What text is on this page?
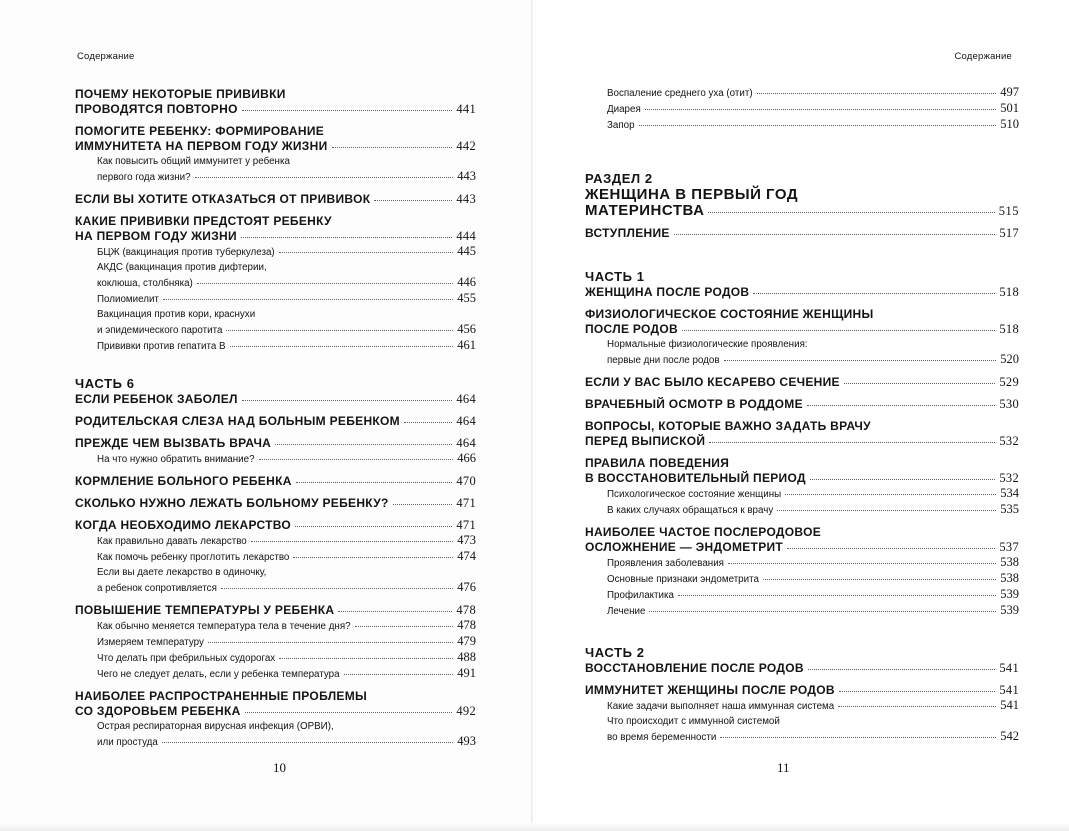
Содержание
ПОЧЕМУ НЕКОТОРЫЕ ПРИВИВКИ
ПРОВОДЯТСЯ ПОВТОРНО	441
ПОМОГИТЕ РЕБЕНКУ: ФОРМИРОВАНИЕ
ИММУНИТЕТА НА ПЕРВОМ ГОДУ ЖИЗНИ	442
Как повысить общий иммунитет у ребенка
первого года жизни?	443
ЕСЛИ ВЫ ХОТИТЕ ОТКАЗАТЬСЯ ОТ ПРИВИВОК	443
КАКИЕ ПРИВИВКИ ПРЕДСТОЯТ РЕБЕНКУ
НА ПЕРВОМ ГОДУ ЖИЗНИ	444
БЦЖ (вакцинация против туберкулеза)	445
АКДС (вакцинация против дифтерии,
коклюша, столбняка)	446
Полиомиелит	455
Вакцинация против кори, краснухи
и эпидемического паротита	456
Прививки против гепатита В	461
ЧАСТЬ 6
ЕСЛИ РЕБЕНОК ЗАБОЛЕЛ	464
РОДИТЕЛЬСКАЯ СЛЕЗА НАД БОЛЬНЫМ РЕБЕНКОМ	464
ПРЕЖДЕ ЧЕМ ВЫЗВАТЬ ВРАЧА	464
На что нужно обратить внимание?	466
КОРМЛЕНИЕ БОЛЬНОГО РЕБЕНКА	470
СКОЛЬКО НУЖНО ЛЕЖАТЬ БОЛЬНОМУ РЕБЕНКУ?	471
КОГДА НЕОБХОДИМО ЛЕКАРСТВО	471
Как правильно давать лекарство	473
Как помочь ребенку проглотить лекарство	474
Если вы даете лекарство в одиночку,
а ребенок сопротивляется	476
ПОВЫШЕНИЕ ТЕМПЕРАТУРЫ У РЕБЕНКА	478
Как обычно меняется температура тела в течение дня?	478
Измеряем температуру	479
Что делать при фебрильных судорогах	488
Чего не следует делать, если у ребенка температура	491
НАИБОЛЕЕ РАСПРОСТРАНЕННЫЕ ПРОБЛЕМЫ
СО ЗДОРОВЬЕМ РЕБЕНКА	492
Острая респираторная вирусная инфекция (ОРВИ),
или простуда	493
10
Содержание
Воспаление среднего уха (отит)	497
Диарея	501
Запор	510
РАЗДЕЛ 2
ЖЕНЩИНА В ПЕРВЫЙ ГОД
МАТЕРИНСТВА	515
ВСТУПЛЕНИЕ	517
ЧАСТЬ 1
ЖЕНЩИНА ПОСЛЕ РОДОВ	518
ФИЗИОЛОГИЧЕСКОЕ СОСТОЯНИЕ ЖЕНЩИНЫ
ПОСЛЕ РОДОВ	518
Нормальные физиологические проявления:
первые дни после родов	520
ЕСЛИ У ВАС БЫЛО КЕСАРЕВО СЕЧЕНИЕ	529
ВРАЧЕБНЫЙ ОСМОТР В РОДДОМЕ	530
ВОПРОСЫ, КОТОРЫЕ ВАЖНО ЗАДАТЬ ВРАЧУ
ПЕРЕД ВЫПИСКОЙ	532
ПРАВИЛА ПОВЕДЕНИЯ
В ВОССТАНОВИТЕЛЬНЫЙ ПЕРИОД	532
Психологическое состояние женщины	534
В каких случаях обращаться к врачу	535
НАИБОЛЕЕ ЧАСТОЕ ПОСЛЕРОДОВОЕ
ОСЛОЖНЕНИЕ — ЭНДОМЕТРИТ	537
Проявления заболевания	538
Основные признаки эндометрита	538
Профилактика	539
Лечение	539
ЧАСТЬ 2
ВОССТАНОВЛЕНИЕ ПОСЛЕ РОДОВ	541
ИММУНИТЕТ ЖЕНЩИНЫ ПОСЛЕ РОДОВ	541
Какие задачи выполняет наша иммунная система	541
Что происходит с иммунной системой
во время беременности	542
11
